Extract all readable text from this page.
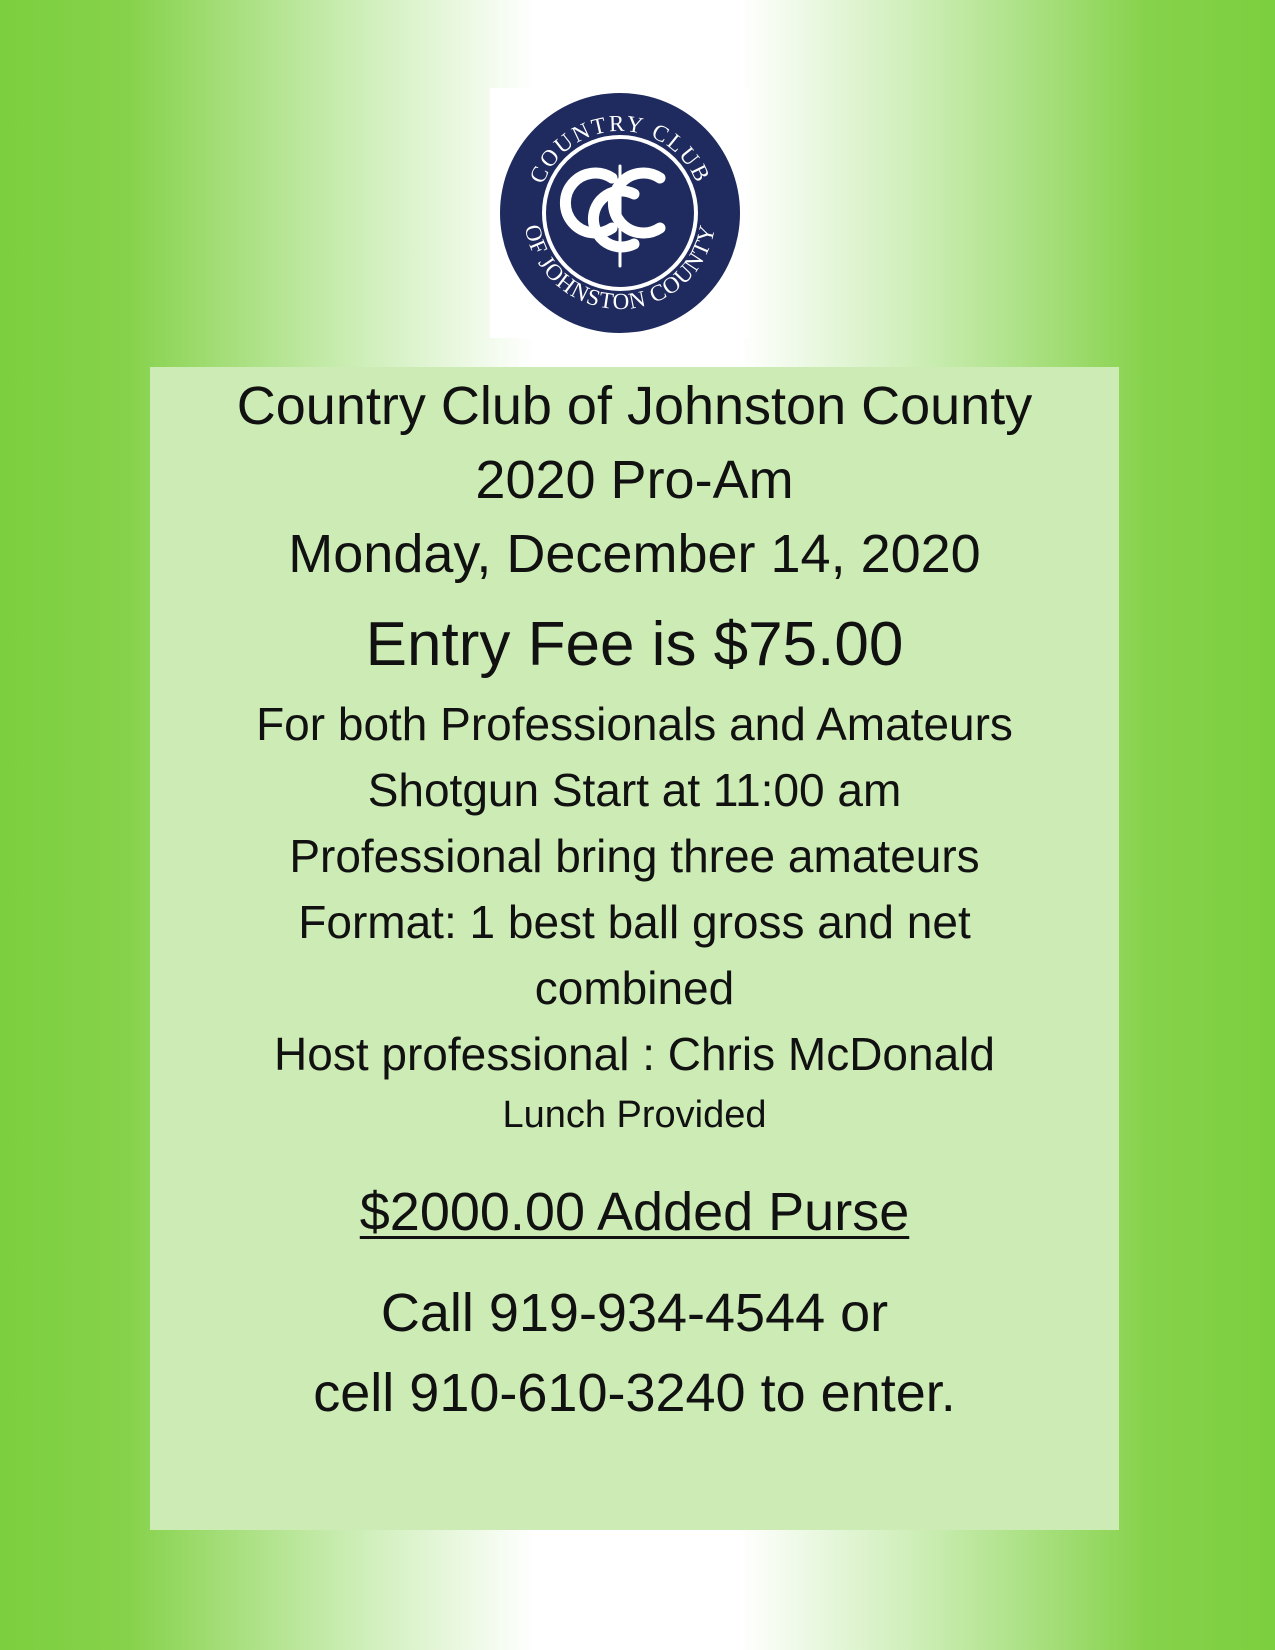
COUNTRY CLUB
OF JOHNSTON COUNTY
Country Club of Johnston County
2020 Pro-Am
Monday, December 14, 2020
Entry Fee is $75.00
For both Professionals and Amateurs
Shotgun Start at 11:00 am
Professional bring three amateurs
Format: 1 best ball gross and net
combined
Host professional : Chris McDonald
Lunch Provided
$2000.00 Added Purse
Call 919-934-4544 or
cell 910-610-3240 to enter.
